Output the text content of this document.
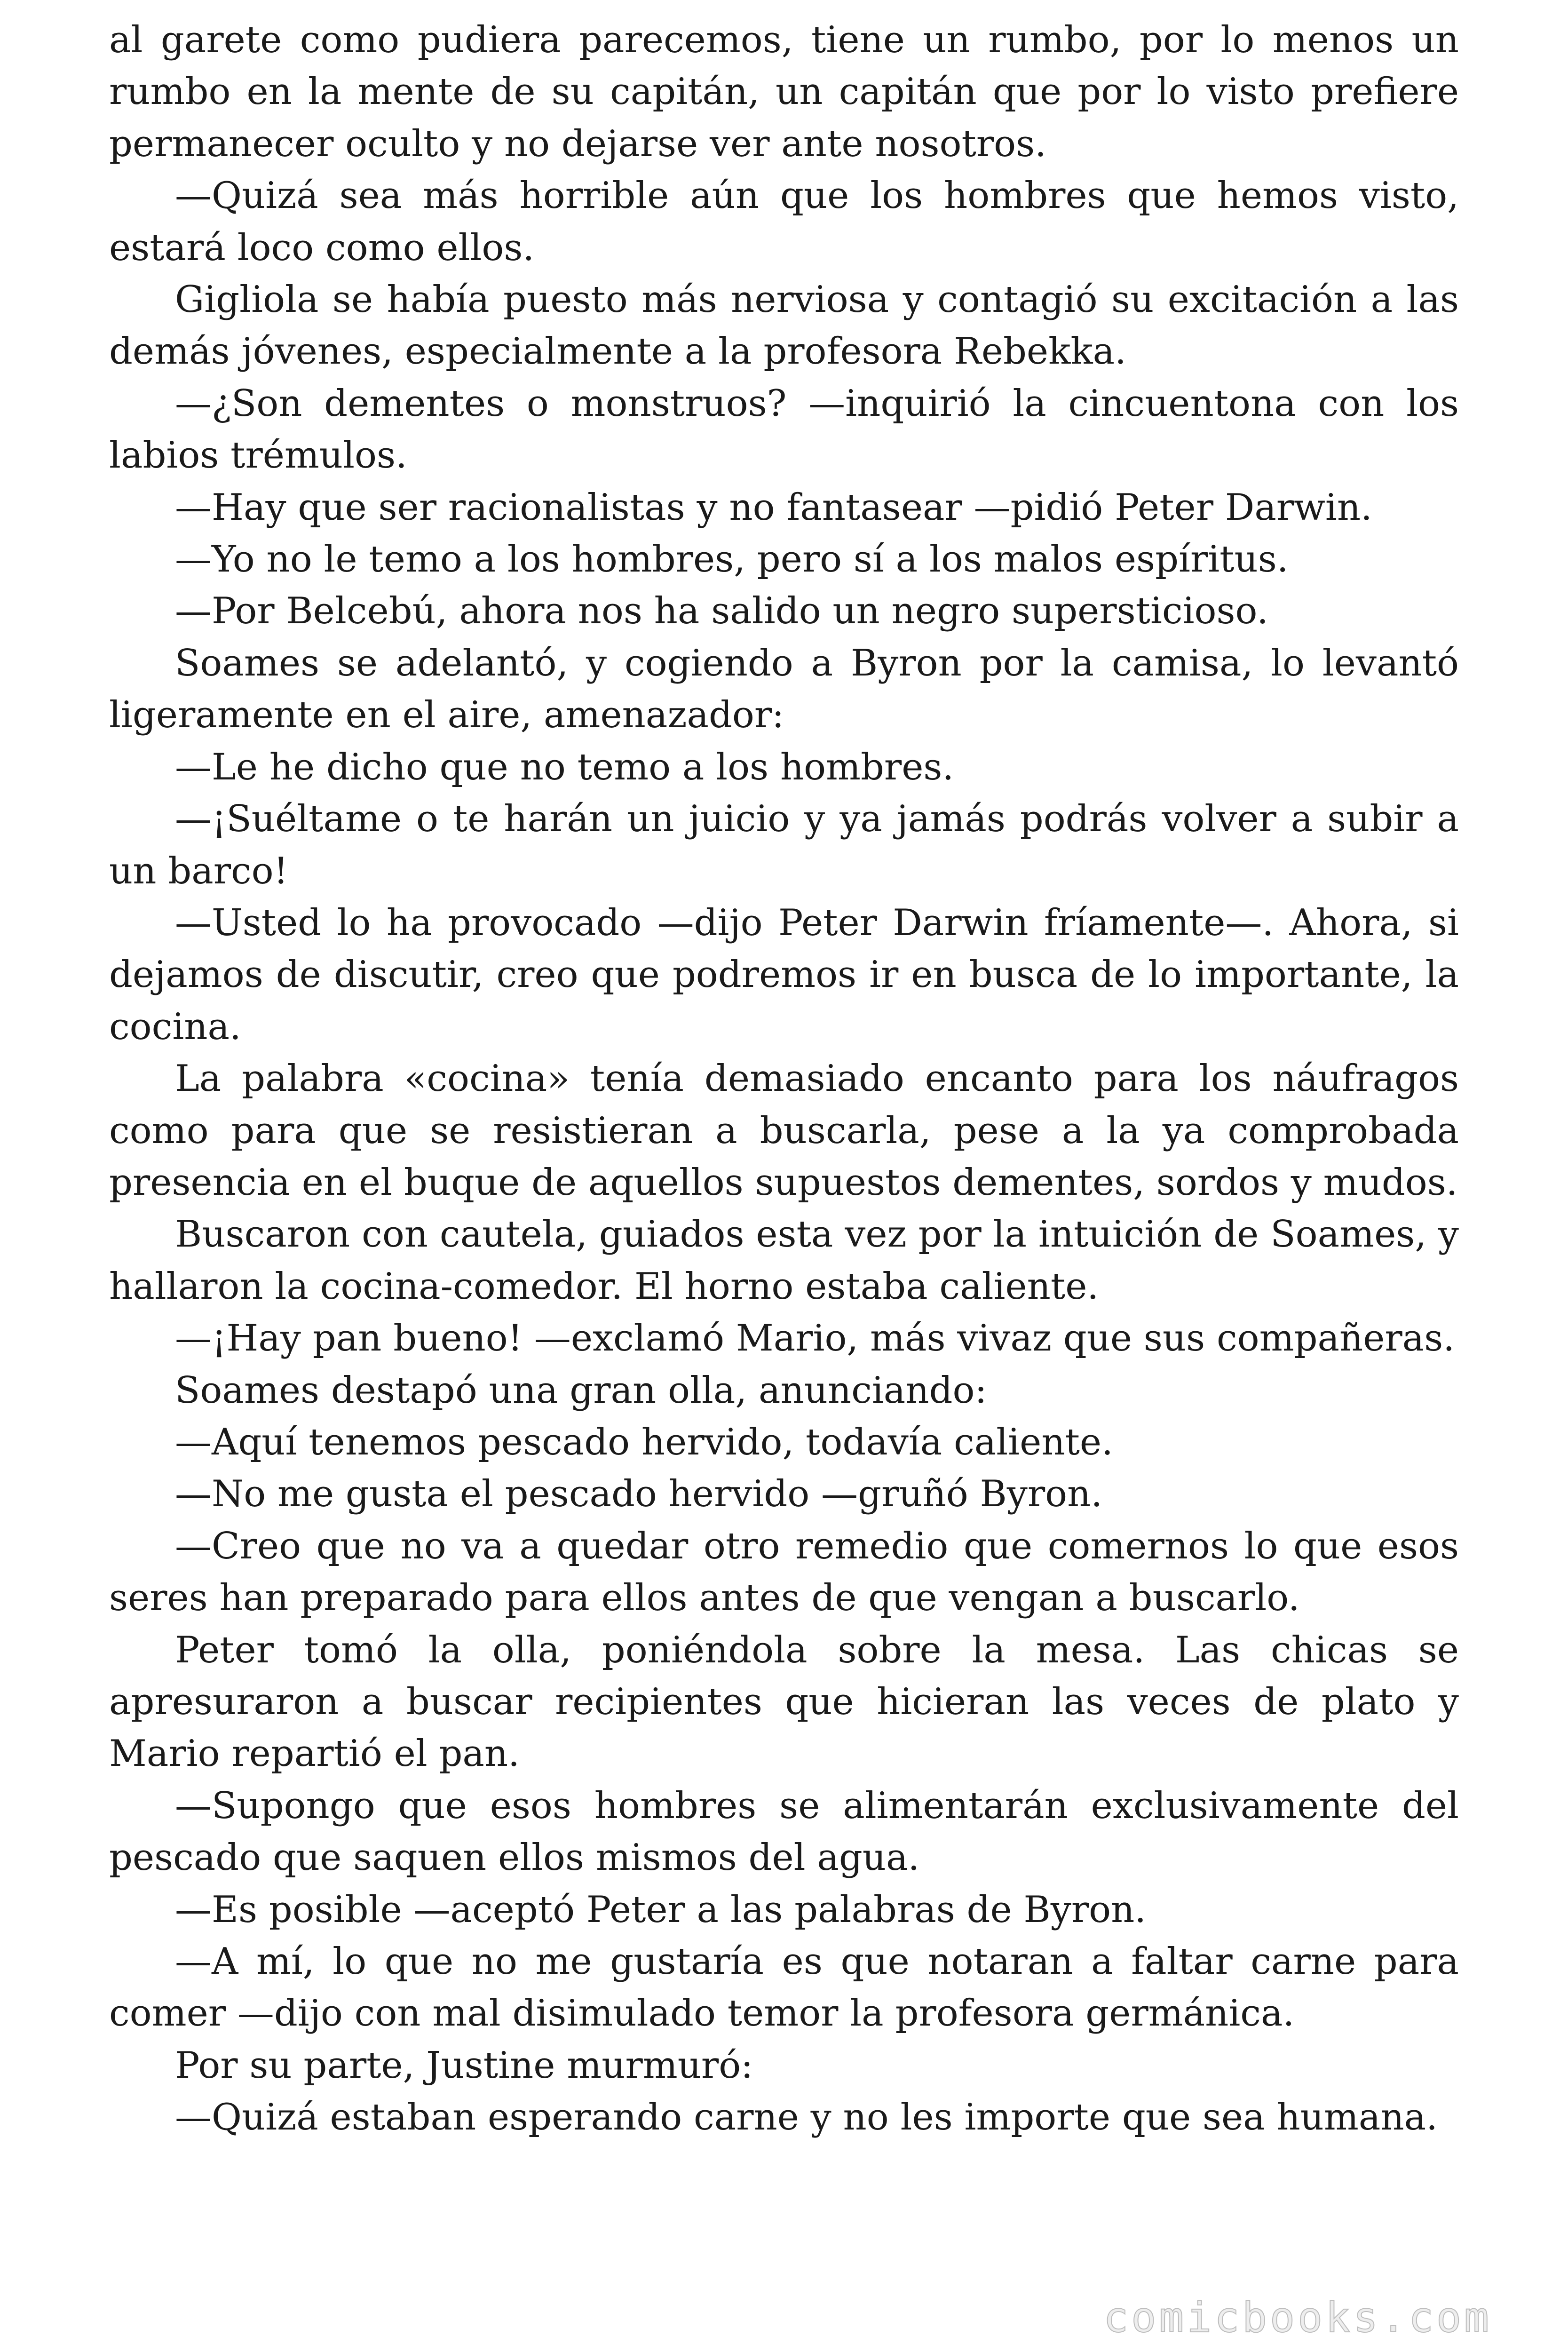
al garete como pudiera parecemos, tiene un rumbo, por lo menos un rumbo en la mente de su capitán, un capitán que por lo visto prefiere permanecer oculto y no dejarse ver ante nosotros.

—Quizá sea más horrible aún que los hombres que hemos visto, estará loco como ellos.

Gigliola se había puesto más nerviosa y contagió su excitación a las demás jóvenes, especialmente a la profesora Rebekka.

—¿Son dementes o monstruos? —inquirió la cincuentona con los labios trémulos.

—Hay que ser racionalistas y no fantasear —pidió Peter Darwin.

—Yo no le temo a los hombres, pero sí a los malos espíritus.

—Por Belcebú, ahora nos ha salido un negro supersticioso.

Soames se adelantó, y cogiendo a Byron por la camisa, lo levantó ligeramente en el aire, amenazador:

—Le he dicho que no temo a los hombres.

—¡Suéltame o te harán un juicio y ya jamás podrás volver a subir a un barco!

—Usted lo ha provocado —dijo Peter Darwin fríamente—. Ahora, si dejamos de discutir, creo que podremos ir en busca de lo importante, la cocina.

La palabra «cocina» tenía demasiado encanto para los náufragos como para que se resistieran a buscarla, pese a la ya comprobada presencia en el buque de aquellos supuestos dementes, sordos y mudos.

Buscaron con cautela, guiados esta vez por la intuición de Soames, y hallaron la cocina-comedor. El horno estaba caliente.

—¡Hay pan bueno! —exclamó Mario, más vivaz que sus compañeras.

Soames destapó una gran olla, anunciando:

—Aquí tenemos pescado hervido, todavía caliente.

—No me gusta el pescado hervido —gruñó Byron.

—Creo que no va a quedar otro remedio que comernos lo que esos seres han preparado para ellos antes de que vengan a buscarlo.

Peter tomó la olla, poniéndola sobre la mesa. Las chicas se apresuraron a buscar recipientes que hicieran las veces de plato y Mario repartió el pan.

—Supongo que esos hombres se alimentarán exclusivamente del pescado que saquen ellos mismos del agua.

—Es posible —aceptó Peter a las palabras de Byron.

—A mí, lo que no me gustaría es que notaran a faltar carne para comer —dijo con mal disimulado temor la profesora germánica.

Por su parte, Justine murmuró:

—Quizá estaban esperando carne y no les importe que sea humana.

comicbooks.com
